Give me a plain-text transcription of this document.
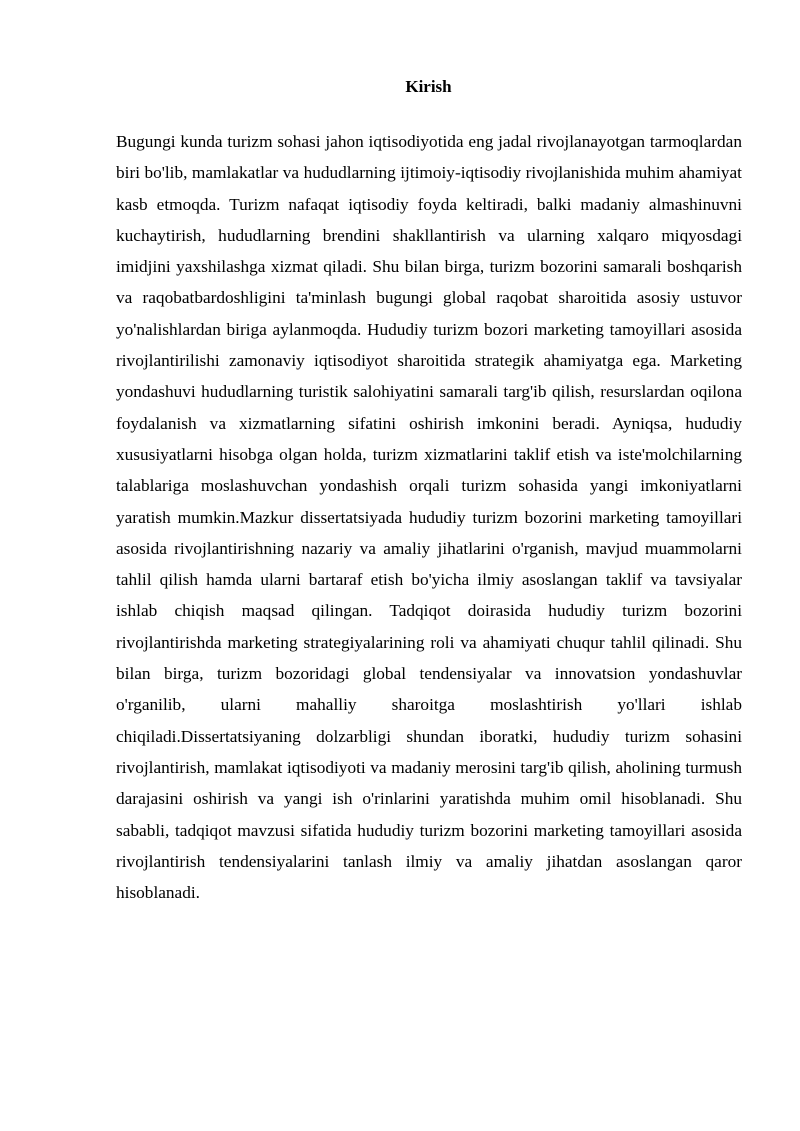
Kirish

Bugungi kunda turizm sohasi jahon iqtisodiyotida eng jadal rivojlanayotgan tarmoqlardan biri bo'lib, mamlakatlar va hududlarning ijtimoiy-iqtisodiy rivojlanishida muhim ahamiyat kasb etmoqda. Turizm nafaqat iqtisodiy foyda keltiradi, balki madaniy almashinuvni kuchaytirish, hududlarning brendini shakllantirish va ularning xalqaro miqyosdagi imidjini yaxshilashga xizmat qiladi. Shu bilan birga, turizm bozorini samarali boshqarish va raqobatbardoshligini ta'minlash bugungi global raqobat sharoitida asosiy ustuvor yo'nalishlardan biriga aylanmoqda. Hududiy turizm bozori marketing tamoyillari asosida rivojlantirilishi zamonaviy iqtisodiyot sharoitida strategik ahamiyatga ega. Marketing yondashuvi hududlarning turistik salohiyatini samarali targ'ib qilish, resurslardan oqilona foydalanish va xizmatlarning sifatini oshirish imkonini beradi. Ayniqsa, hududiy xususiyatlarni hisobga olgan holda, turizm xizmatlarini taklif etish va iste'molchilarning talablariga moslashuvchan yondashish orqali turizm sohasida yangi imkoniyatlarni yaratish mumkin.Mazkur dissertatsiyada hududiy turizm bozorini marketing tamoyillari asosida rivojlantirishning nazariy va amaliy jihatlarini o'rganish, mavjud muammolarni tahlil qilish hamda ularni bartaraf etish bo'yicha ilmiy asoslangan taklif va tavsiyalar ishlab chiqish maqsad qilingan. Tadqiqot doirasida hududiy turizm bozorini rivojlantirishda marketing strategiyalarining roli va ahamiyati chuqur tahlil qilinadi. Shu bilan birga, turizm bozoridagi global tendensiyalar va innovatsion yondashuvlar o'rganilib, ularni mahalliy sharoitga moslashtirish yo'llari ishlab chiqiladi.Dissertatsiyaning dolzarbligi shundan iboratki, hududiy turizm sohasini rivojlantirish, mamlakat iqtisodiyoti va madaniy merosini targ'ib qilish, aholining turmush darajasini oshirish va yangi ish o'rinlarini yaratishda muhim omil hisoblanadi. Shu sababli, tadqiqot mavzusi sifatida hududiy turizm bozorini marketing tamoyillari asosida rivojlantirish tendensiyalarini tanlash ilmiy va amaliy jihatdan asoslangan qaror hisoblanadi.
